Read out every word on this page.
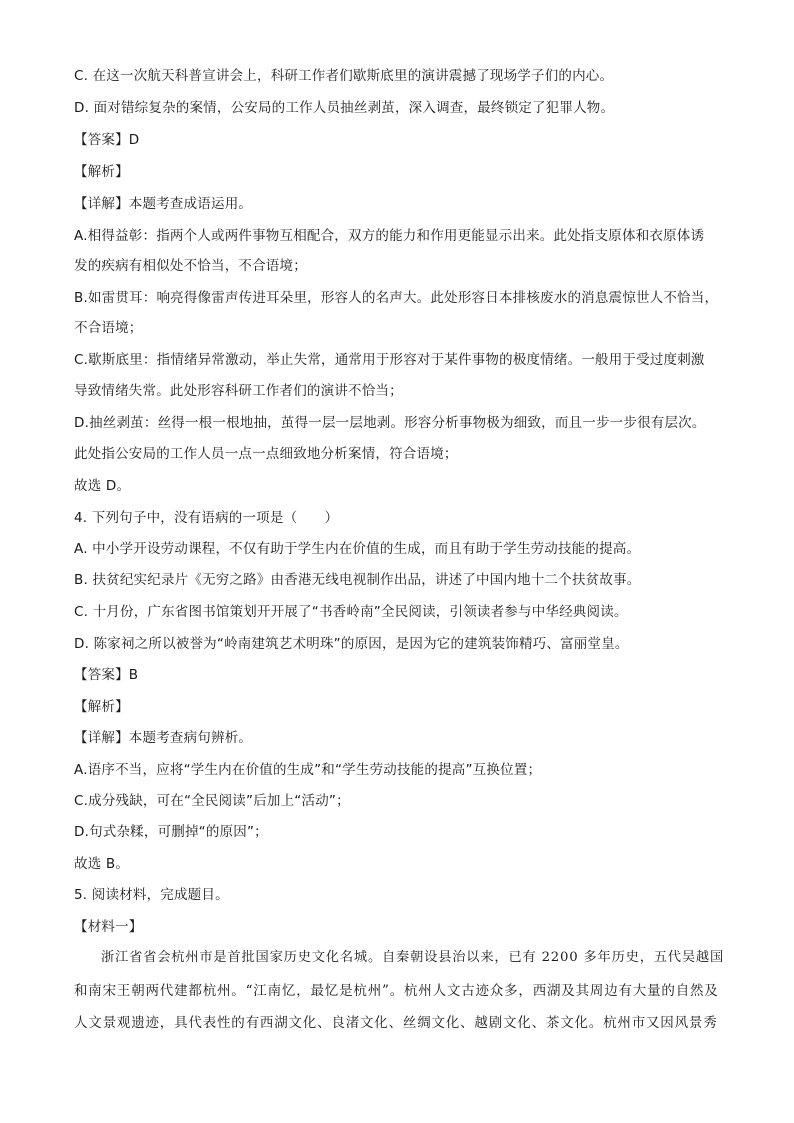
C. 在这一次航天科普宣讲会上，科研工作者们歇斯底里的演讲震撼了现场学子们的内心。
D. 面对错综复杂的案情，公安局的工作人员抽丝剥茧，深入调查，最终锁定了犯罪人物。
【答案】D
【解析】
【详解】本题考查成语运用。
A.相得益彰：指两个人或两件事物互相配合，双方的能力和作用更能显示出来。此处指支原体和衣原体诱
发的疾病有相似处不恰当，不合语境；
B.如雷贯耳：响亮得像雷声传进耳朵里，形容人的名声大。此处形容日本排核废水的消息震惊世人不恰当，
不合语境；
C.歇斯底里：指情绪异常激动，举止失常，通常用于形容对于某件事物的极度情绪。一般用于受过度刺激
导致情绪失常。此处形容科研工作者们的演讲不恰当；
D.抽丝剥茧：丝得一根一根地抽，茧得一层一层地剥。形容分析事物极为细致，而且一步一步很有层次。
此处指公安局的工作人员一点一点细致地分析案情，符合语境；
故选 D。
4. 下列句子中，没有语病的一项是（　　）
A. 中小学开设劳动课程，不仅有助于学生内在价值的生成，而且有助于学生劳动技能的提高。
B. 扶贫纪实纪录片《无穷之路》由香港无线电视制作出品，讲述了中国内地十二个扶贫故事。
C. 十月份，广东省图书馆策划开开展了“书香岭南”全民阅读，引领读者参与中华经典阅读。
D. 陈家祠之所以被誉为“岭南建筑艺术明珠”的原因，是因为它的建筑装饰精巧、富丽堂皇。
【答案】B
【解析】
【详解】本题考查病句辨析。
A.语序不当，应将“学生内在价值的生成”和“学生劳动技能的提高”互换位置；
C.成分残缺，可在“全民阅读”后加上“活动”；
D.句式杂糅，可删掉“的原因”；
故选 B。
5. 阅读材料，完成题目。
【材料一】
浙江省省会杭州市是首批国家历史文化名城。自秦朝设县治以来，已有 2200 多年历史，五代吴越国
和南宋王朝两代建都杭州。“江南忆，最忆是杭州”。杭州人文古迹众多，西湖及其周边有大量的自然及
人文景观遗迹，具代表性的有西湖文化、良渚文化、丝绸文化、越剧文化、茶文化。杭州市又因风景秀
